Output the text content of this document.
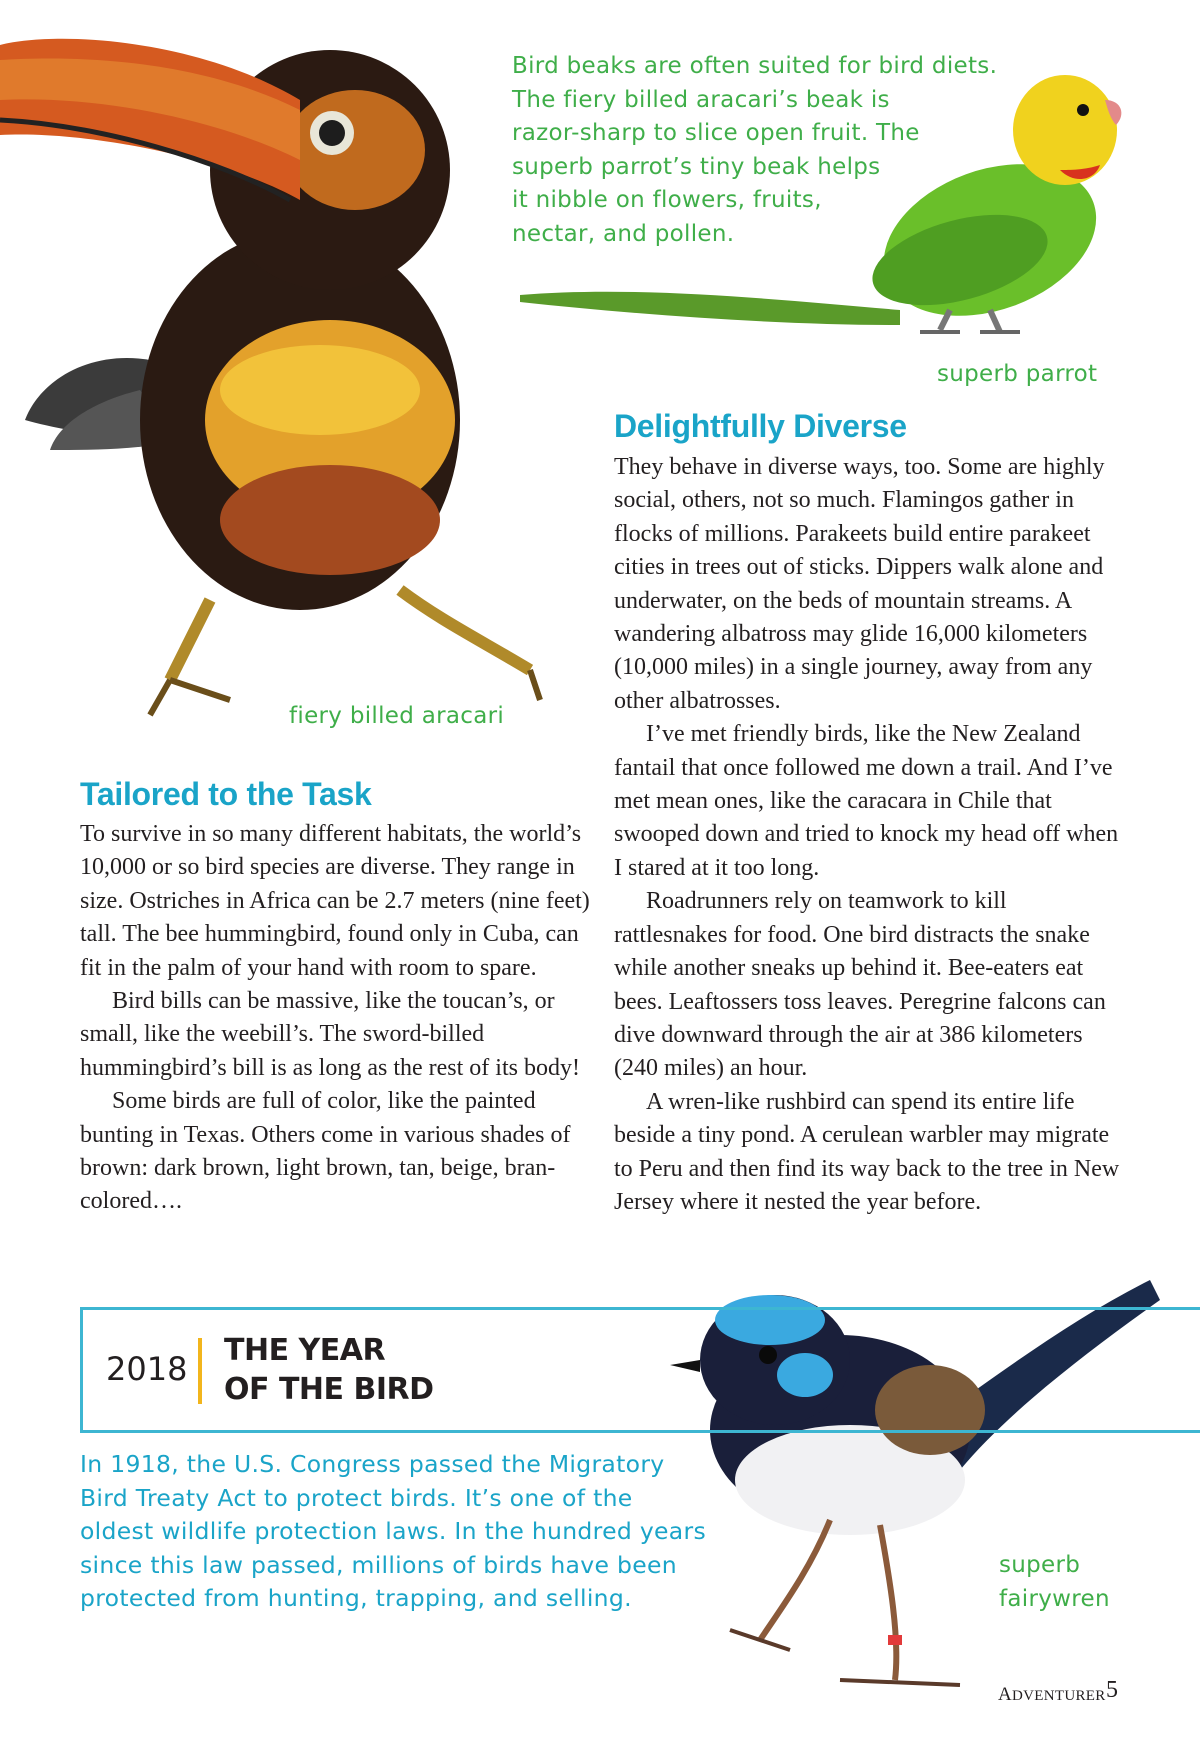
Bird beaks are often suited for bird diets.
The fiery billed aracari’s beak is
razor-sharp to slice open fruit. The
superb parrot’s tiny beak helps
it nibble on flowers, fruits,
nectar, and pollen.
superb parrot
fiery billed aracari
superb
fairywren
Delightfully Diverse

They behave in diverse ways, too. Some are highly social, others, not so much. Flamingos gather in flocks of millions. Parakeets build entire parakeet cities in trees out of sticks. Dippers walk alone and underwater, on the beds of mountain streams. A wandering albatross may glide 16,000 kilometers (10,000 miles) in a single journey, away from any other albatrosses.

I’ve met friendly birds, like the New Zealand fantail that once followed me down a trail. And I’ve met mean ones, like the caracara in Chile that swooped down and tried to knock my head off when I stared at it too long.

Roadrunners rely on teamwork to kill rattlesnakes for food. One bird distracts the snake while another sneaks up behind it. Bee-eaters eat bees. Leaftossers toss leaves. Peregrine falcons can dive downward through the air at 386 kilometers (240 miles) an hour.

A wren-like rushbird can spend its entire life beside a tiny pond. A cerulean warbler may migrate to Peru and then find its way back to the tree in New Jersey where it nested the year before.

Tailored to the Task

To survive in so many different habitats, the world’s 10,000 or so bird species are diverse. They range in size. Ostriches in Africa can be 2.7 meters (nine feet) tall. The bee hummingbird, found only in Cuba, can fit in the palm of your hand with room to spare.

Bird bills can be massive, like the toucan’s, or small, like the weebill’s. The sword-billed hummingbird’s bill is as long as the rest of its body!

Some birds are full of color, like the painted bunting in Texas. Others come in various shades of brown: dark brown, light brown, tan, beige, bran-colored….

2018 THE YEAR
OF THE BIRD
In 1918, the U.S. Congress passed the Migratory
Bird Treaty Act to protect birds. It’s one of the
oldest wildlife protection laws. In the hundred years
since this law passed, millions of birds have been
protected from hunting, trapping, and selling.
ADVENTURER 5
